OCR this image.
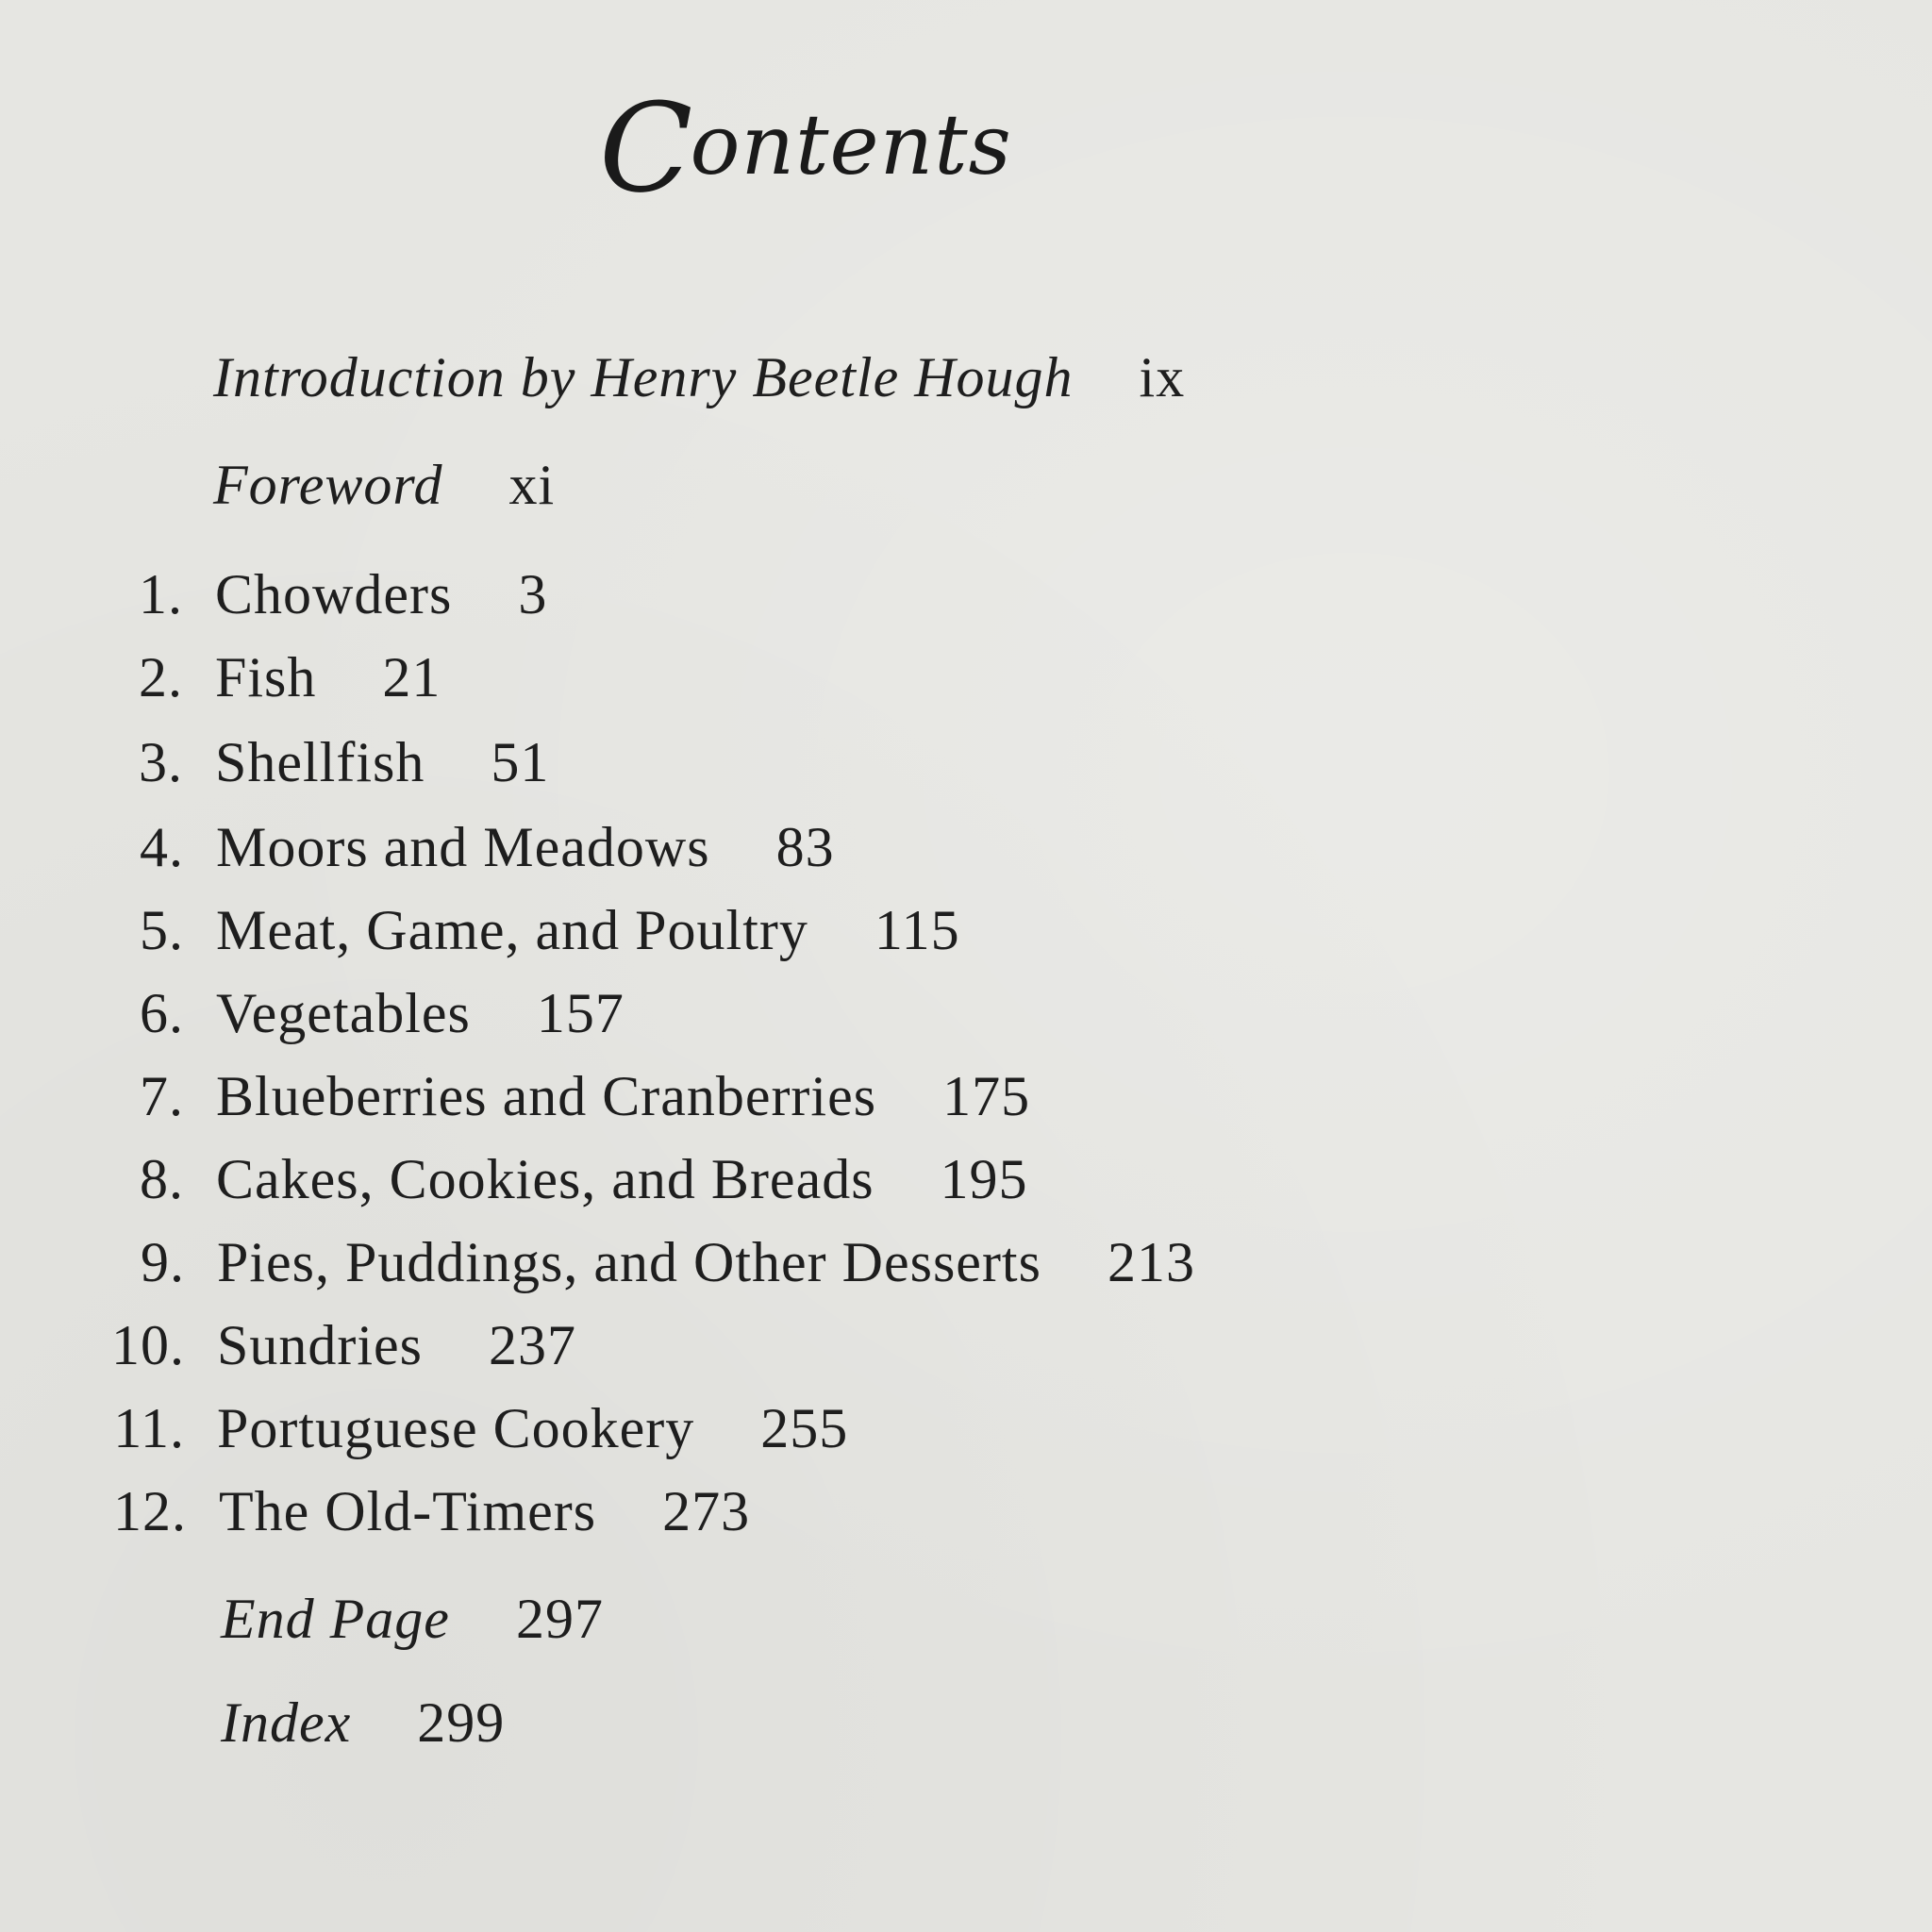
Contents
Introduction by Henry Beetle Hough ix
Foreword xi
1. Chowders 3
2. Fish 21
3. Shellfish 51
4. Moors and Meadows 83
5. Meat, Game, and Poultry 115
6. Vegetables 157
7. Blueberries and Cranberries 175
8. Cakes, Cookies, and Breads 195
9. Pies, Puddings, and Other Desserts 213
10. Sundries 237
11. Portuguese Cookery 255
12. The Old-Timers 273
End Page 297
Index 299
